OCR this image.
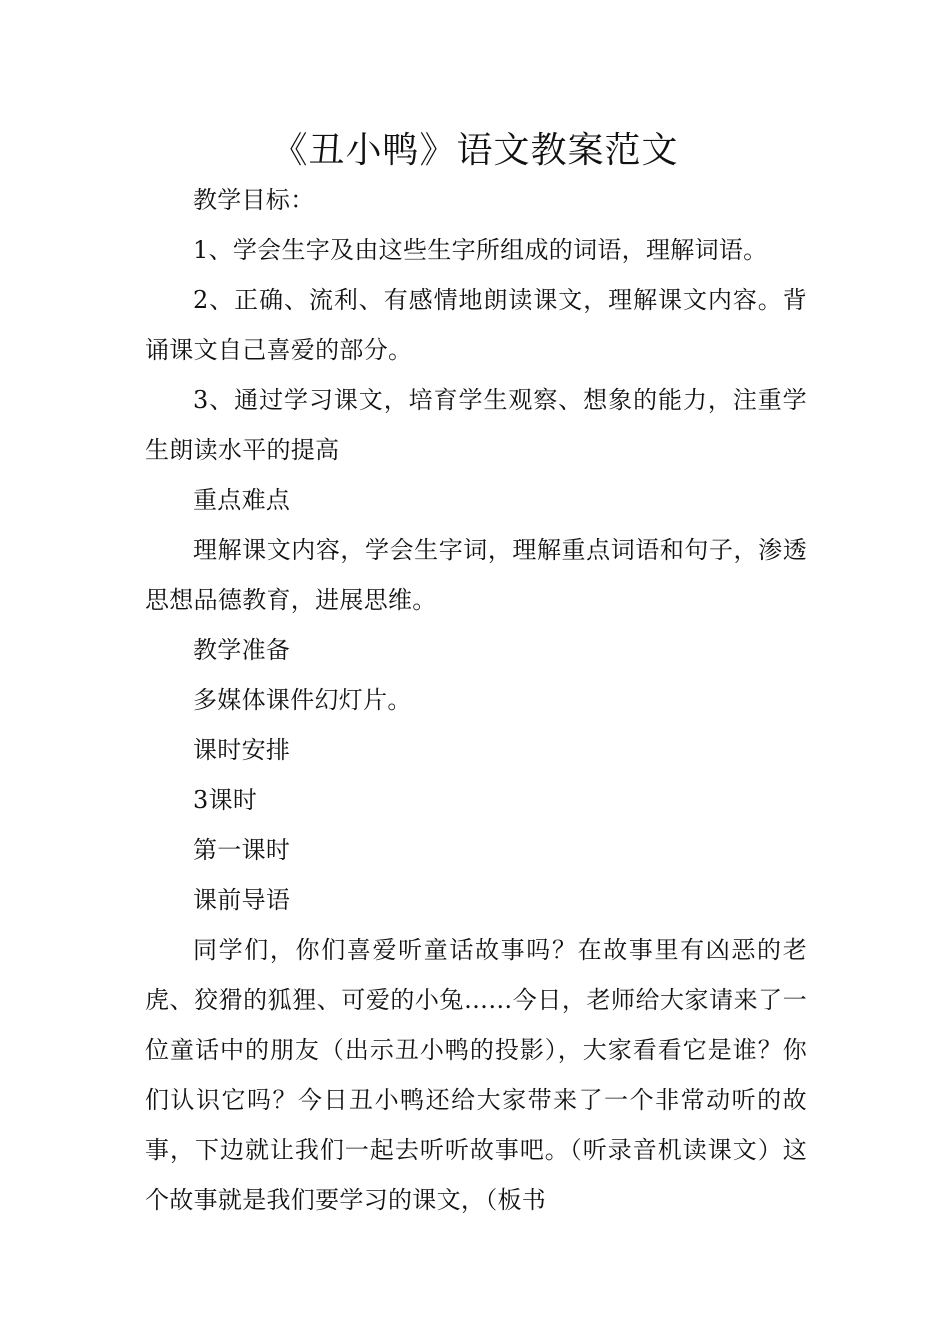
《丑小鸭》语文教案范文

教学目标：

1、学会生字及由这些生字所组成的词语，理解词语。

2、正确、流利、有感情地朗读课文，理解课文内容。背诵课文自己喜爱的部分。

3、通过学习课文，培育学生观察、想象的能力，注重学生朗读水平的提高

重点难点

理解课文内容，学会生字词，理解重点词语和句子，渗透思想品德教育，进展思维。

教学准备

多媒体课件幻灯片。

课时安排

3课时

第一课时

课前导语

同学们，你们喜爱听童话故事吗？在故事里有凶恶的老虎、狡猾的狐狸、可爱的小兔……今日，老师给大家请来了一位童话中的朋友（出示丑小鸭的投影），大家看看它是谁？你们认识它吗？今日丑小鸭还给大家带来了一个非常动听的故事，下边就让我们一起去听听故事吧。（听录音机读课文）这个故事就是我们要学习的课文，（板书
